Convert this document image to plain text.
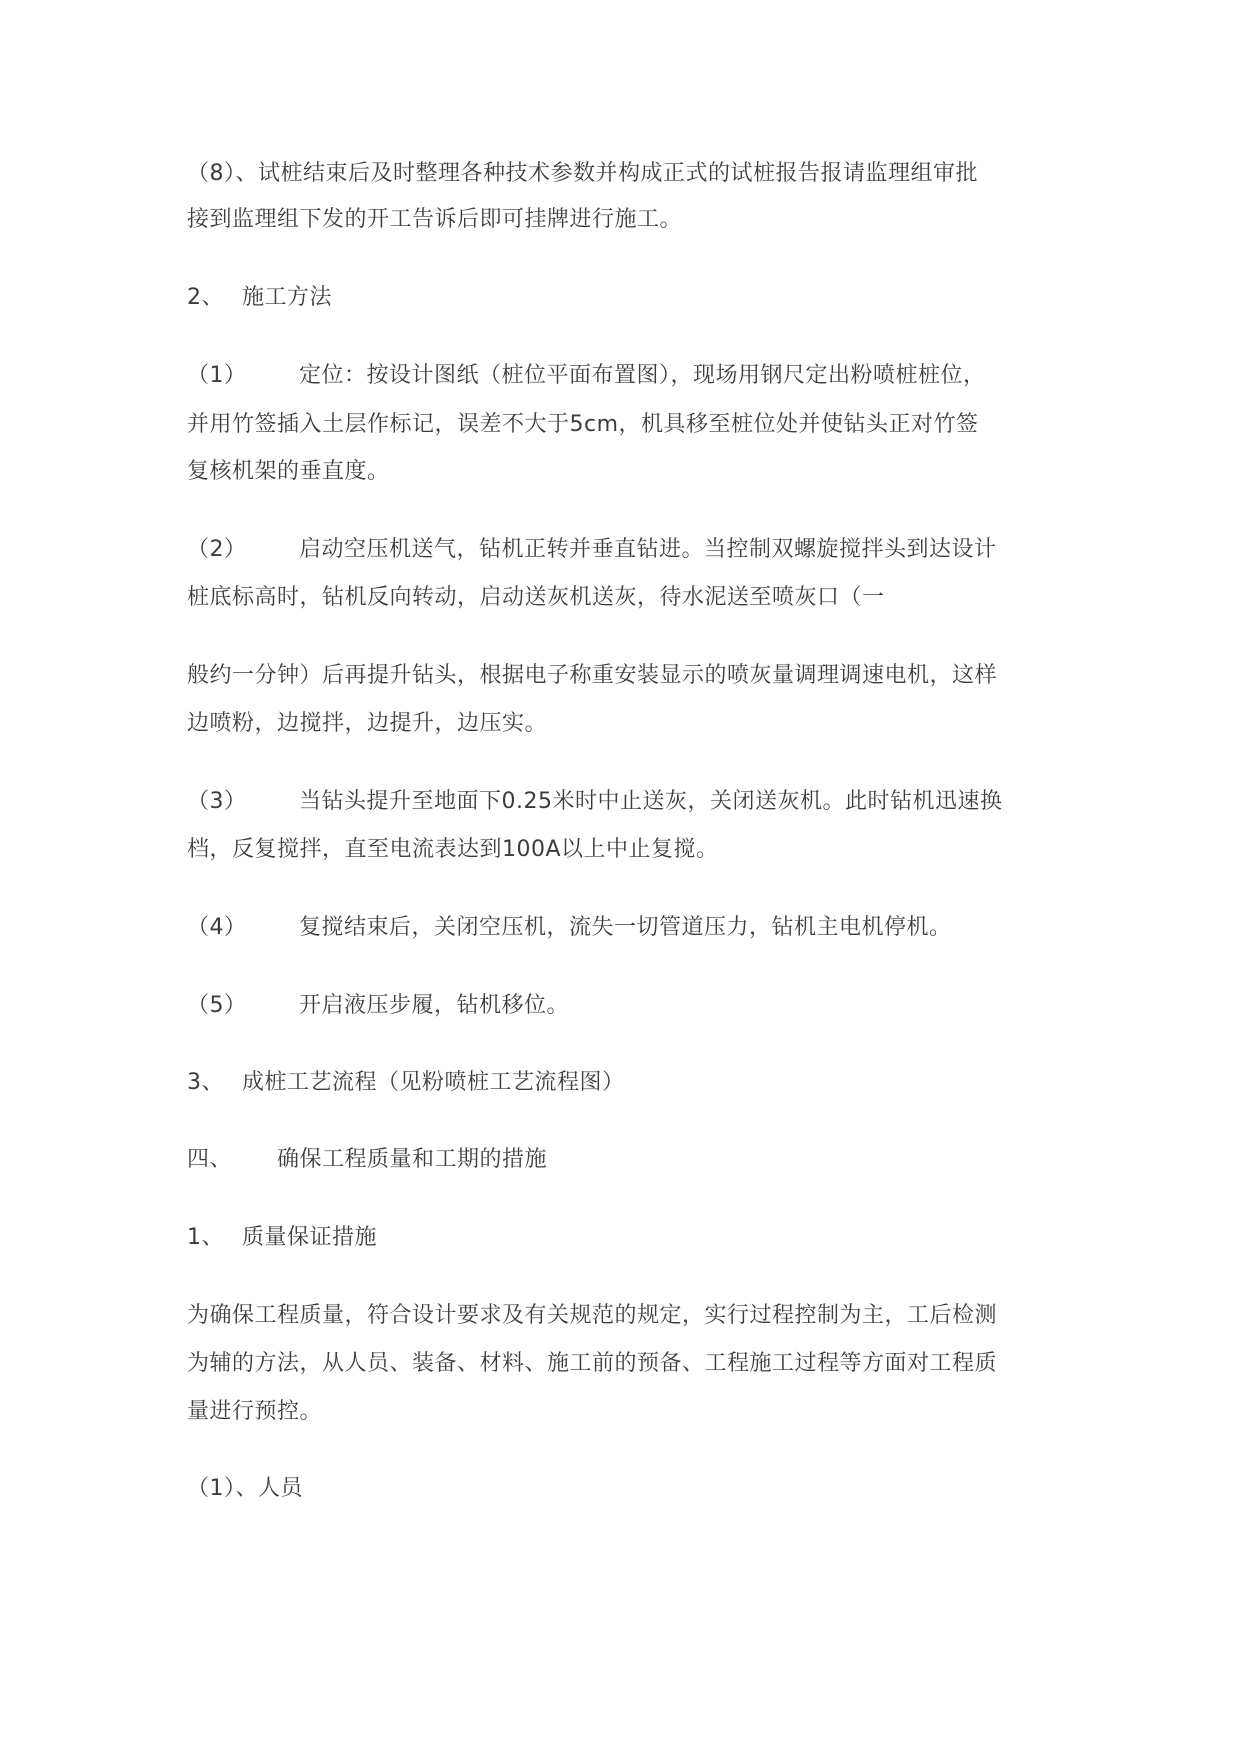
（8）、试桩结束后及时整理各种技术参数并构成正式的试桩报告报请监理组审批
接到监理组下发的开工告诉后即可挂牌进行施工。
2、 施工方法
（1） 定位：按设计图纸（桩位平面布置图），现场用钢尺定出粉喷桩桩位，
并用竹签插入土层作标记，误差不大于5cm，机具移至桩位处并使钻头正对竹签
复核机架的垂直度。
（2） 启动空压机送气，钻机正转并垂直钻进。当控制双螺旋搅拌头到达设计
桩底标高时，钻机反向转动，启动送灰机送灰，待水泥送至喷灰口（一
般约一分钟）后再提升钻头，根据电子称重安装显示的喷灰量调理调速电机，这样
边喷粉，边搅拌，边提升，边压实。
（3） 当钻头提升至地面下0.25米时中止送灰，关闭送灰机。此时钻机迅速换
档，反复搅拌，直至电流表达到100A以上中止复搅。
（4） 复搅结束后，关闭空压机，流失一切管道压力，钻机主电机停机。
（5） 开启液压步履，钻机移位。
3、 成桩工艺流程（见粉喷桩工艺流程图）
四、 确保工程质量和工期的措施
1、 质量保证措施
为确保工程质量，符合设计要求及有关规范的规定，实行过程控制为主，工后检测
为辅的方法，从人员、装备、材料、施工前的预备、工程施工过程等方面对工程质
量进行预控。
（1）、人员
